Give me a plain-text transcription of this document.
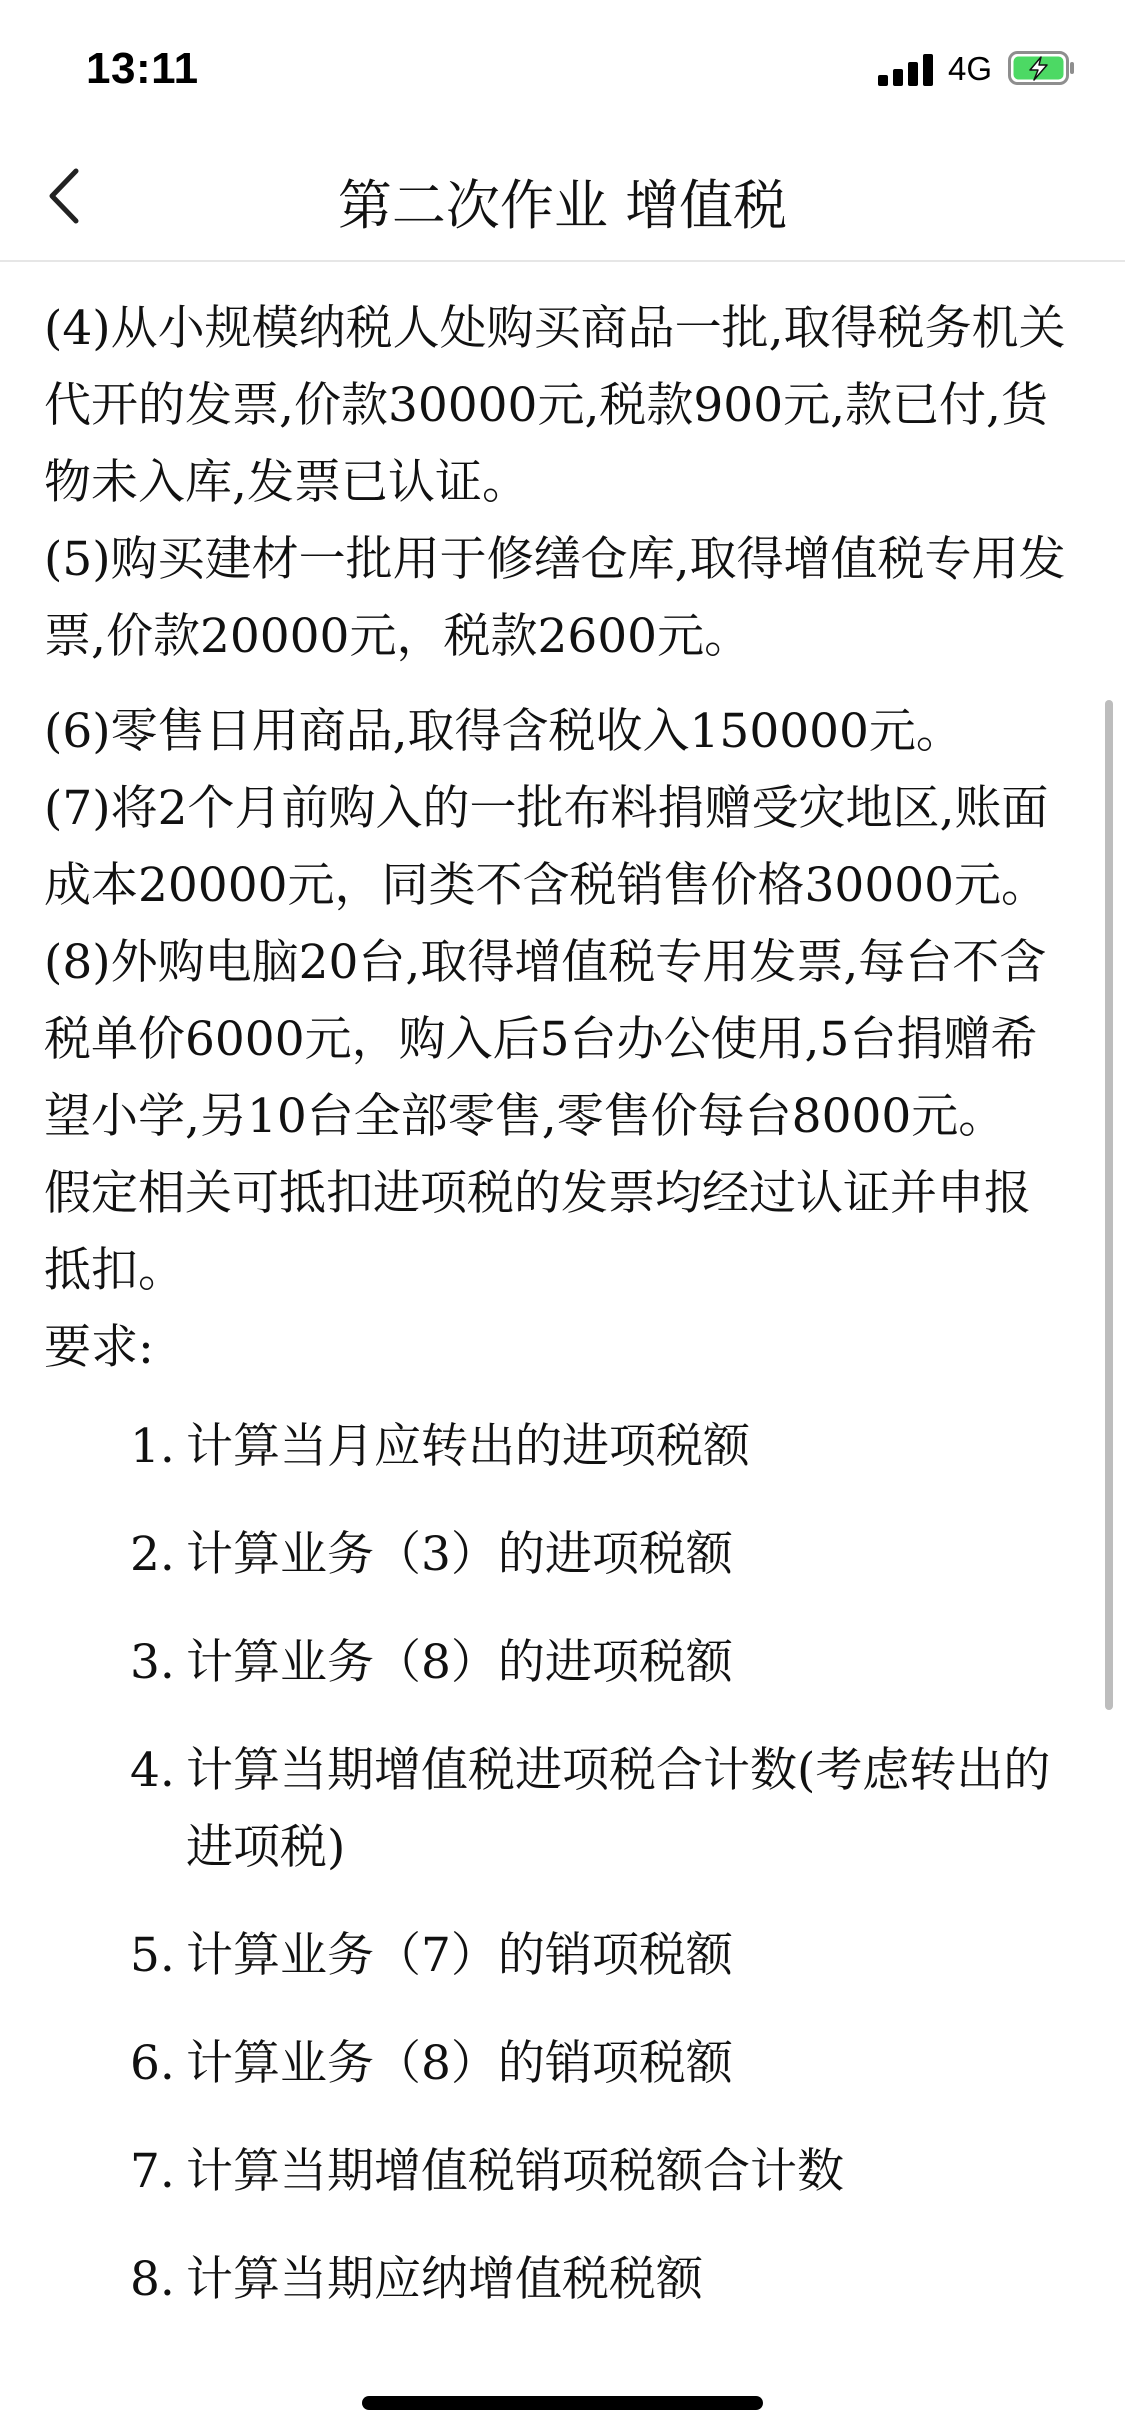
13:11	4G
第二次作业 增值税

(4)从小规模纳税人处购买商品一批,取得税务机关代开的发票,价款30000元,税款900元,款已付,货物未入库,发票已认证。

(5)购买建材一批用于修缮仓库,取得增值税专用发票,价款20000元，税款2600元。

(6)零售日用商品,取得含税收入150000元。

(7)将2个月前购入的一批布料捐赠受灾地区,账面成本20000元，同类不含税销售价格30000元。

(8)外购电脑20台,取得增值税专用发票,每台不含税单价6000元，购入后5台办公使用,5台捐赠希望小学,另10台全部零售,零售价每台8000元。

假定相关可抵扣进项税的发票均经过认证并申报抵扣。

要求:

1. 计算当月应转出的进项税额
2. 计算业务（3）的进项税额
3. 计算业务（8）的进项税额
4. 计算当期增值税进项税合计数(考虑转出的进项税)
5. 计算业务（7）的销项税额
6. 计算业务（8）的销项税额
7. 计算当期增值税销项税额合计数
8. 计算当期应纳增值税税额
